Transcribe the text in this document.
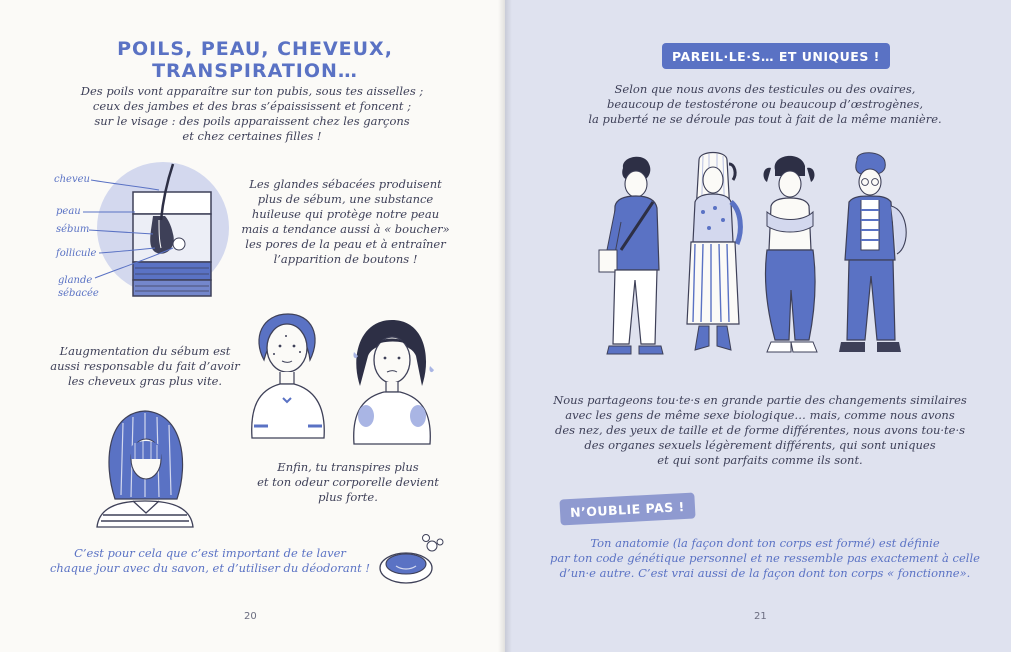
POILS, PEAU, CHEVEUX, TRANSPIRATION…
Des poils vont apparaître sur ton pubis, sous tes aisselles ;
ceux des jambes et des bras s’épaississent et foncent ;
sur le visage : des poils apparaissent chez les garçons
et chez certaines filles !
cheveu
peau
sébum
follicule
glande
sébacée
Les glandes sébacées produisent
plus de sébum, une substance
huileuse qui protège notre peau
mais a tendance aussi à « boucher»
les pores de la peau et à entraîner
l’apparition de boutons !
L’augmentation du sébum est
aussi responsable du fait d’avoir
les cheveux gras plus vite.
Enfin, tu transpires plus
et ton odeur corporelle devient
plus forte.
C’est pour cela que c’est important de te laver
chaque jour avec du savon, et d’utiliser du déodorant !
20
PAREIL·LE·S… ET UNIQUES !
Selon que nous avons des testicules ou des ovaires,
beaucoup de testostérone ou beaucoup d’œstrogènes,
la puberté ne se déroule pas tout à fait de la même manière.
Nous partageons tou·te·s en grande partie des changements similaires
avec les gens de même sexe biologique… mais, comme nous avons
des nez, des yeux de taille et de forme différentes, nous avons tou·te·s
des organes sexuels légèrement différents, qui sont uniques
et qui sont parfaits comme ils sont.
N’OUBLIE PAS !
Ton anatomie (la façon dont ton corps est formé) est définie
par ton code génétique personnel et ne ressemble pas exactement à celle
d’un·e autre. C’est vrai aussi de la façon dont ton corps « fonctionne».
21
